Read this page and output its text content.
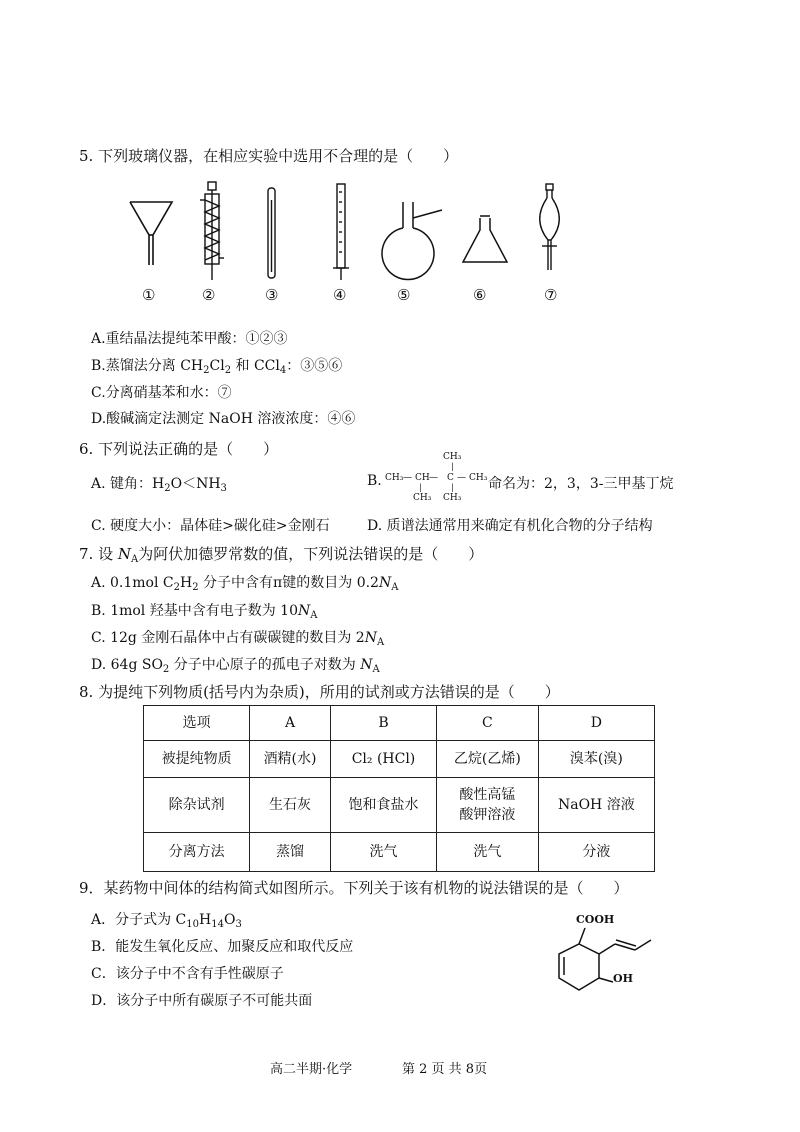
5. 下列玻璃仪器，在相应实验中选用不合理的是（　　）
①	②	③	④	⑤	⑥	⑦
A.重结晶法提纯苯甲酸：①②③
B.蒸馏法分离 $CH_2Cl_2$ 和 CCl$_4$：③⑤⑥
C.分离硝基苯和水：⑦
D.酸碱滴定法测定 NaOH 溶液浓度：④⑥
6. 下列说法正确的是（　　）
A. 键角：$H_2O<NH_3$	B.
CH₃
|
CH₃ — CH — C — CH₃
|	|
CH₃ CH₃
命名为：2，3，3-三甲基丁烷
C. 硬度大小：晶体硅>碳化硅>金刚石	D. 质谱法通常用来确定有机化合物的分子结构
7. 设 $N_A$为阿伏加德罗常数的值，下列说法错误的是（　　）
A. 0.1mol $C_2H_2$ 分子中含有π键的数目为 $0.2N_A$
B. 1mol 羟基中含有电子数为 $10N_A$
C. 12g 金刚石晶体中占有碳碳键的数目为 $2N_A$
D. 64g $SO_2$ 分子中心原子的孤电子对数为 $N_A$
8. 为提纯下列物质(括号内为杂质)，所用的试剂或方法错误的是（　　）
选项	A	B	C	D
被提纯物质	酒精(水)	Cl₂ (HCl)	乙烷(乙烯)	溴苯(溴)
除杂试剂	生石灰	饱和食盐水	酸性高锰
酸钾溶液	NaOH 溶液
分离方法	蒸馏	洗气	洗气	分液
9．某药物中间体的结构简式如图所示。下列关于该有机物的说法错误的是（　　）
A．分子式为 $C_{10}H_{14}O_3$
B．能发生氧化反应、加聚反应和取代反应
C．该分子中不含有手性碳原子
D．该分子中所有碳原子不可能共面
COOH
OH
高二半期·化学	第 2 页 共 8页
